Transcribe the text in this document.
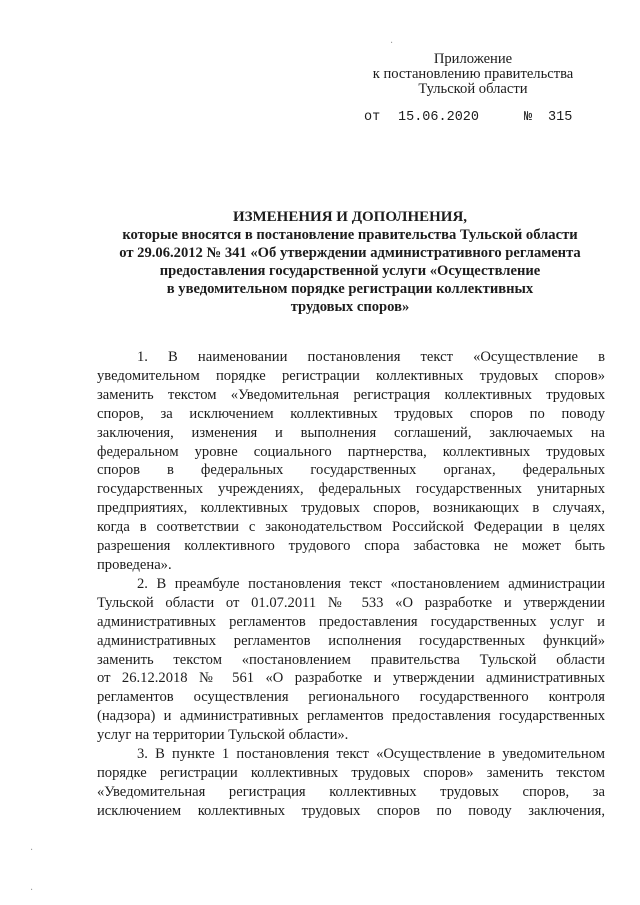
Приложение
к постановлению правительства
Тульской области
от 15.06.2020	№ 315
ИЗМЕНЕНИЯ И ДОПОЛНЕНИЯ,
которые вносятся в постановление правительства Тульской области
от 29.06.2012 № 341 «Об утверждении административного регламента
предоставления государственной услуги «Осуществление
в уведомительном порядке регистрации коллективных
трудовых споров»

1. В наименовании постановления текст «Осуществление в

уведомительном порядке регистрации коллективных трудовых споров»

заменить текстом «Уведомительная регистрация коллективных трудовых

споров, за исключением коллективных трудовых споров по поводу

заключения, изменения и выполнения соглашений, заключаемых на

федеральном уровне социального партнерства, коллективных трудовых

споров в федеральных государственных органах, федеральных

государственных учреждениях, федеральных государственных унитарных

предприятиях, коллективных трудовых споров, возникающих в случаях,

когда в соответствии с законодательством Российской Федерации в целях

разрешения коллективного трудового спора забастовка не может быть

проведена».

2. В преамбуле постановления текст «постановлением администрации

Тульской области от 01.07.2011 № 533 «О разработке и утверждении

административных регламентов предоставления государственных услуг и

административных регламентов исполнения государственных функций»

заменить текстом «постановлением правительства Тульской области

от 26.12.2018 № 561 «О разработке и утверждении административных

регламентов осуществления регионального государственного контроля

(надзора) и административных регламентов предоставления государственных

услуг на территории Тульской области».

3. В пункте 1 постановления текст «Осуществление в уведомительном

порядке регистрации коллективных трудовых споров» заменить текстом

«Уведомительная регистрация коллективных трудовых споров, за

исключением коллективных трудовых споров по поводу заключения,

·
·
·
